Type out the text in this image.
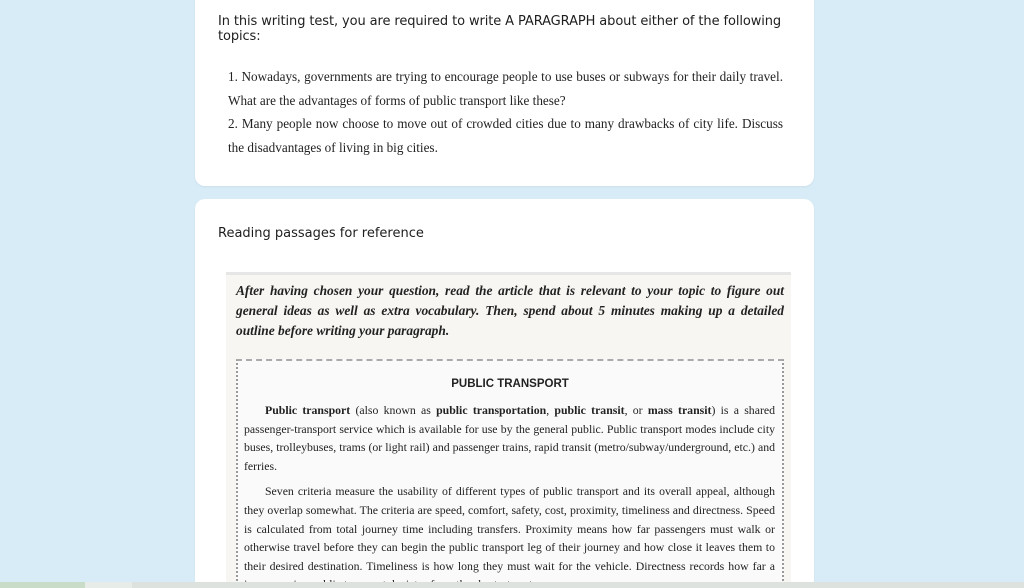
In this writing test, you are required to write A PARAGRAPH about either of the following topics:

1. Nowadays, governments are trying to encourage people to use buses or subways for their daily travel. What are the advantages of forms of public transport like these?

2. Many people now choose to move out of crowded cities due to many drawbacks of city life. Discuss the disadvantages of living in big cities.

Reading passages for reference
After having chosen your question, read the article that is relevant to your topic to figure out general ideas as well as extra vocabulary. Then, spend about 5 minutes making up a detailed outline before writing your paragraph.
PUBLIC TRANSPORT

Public transport (also known as public transportation, public transit, or mass transit) is a shared passenger-transport service which is available for use by the general public. Public transport modes include city buses, trolleybuses, trams (or light rail) and passenger trains, rapid transit (metro/subway/underground, etc.) and ferries.

Seven criteria measure the usability of different types of public transport and its overall appeal, although they overlap somewhat. The criteria are speed, comfort, safety, cost, proximity, timeliness and directness. Speed is calculated from total journey time including transfers. Proximity means how far passengers must walk or otherwise travel before they can begin the public transport leg of their journey and how close it leaves them to their desired destination. Timeliness is how long they must wait for the vehicle. Directness records how far a
